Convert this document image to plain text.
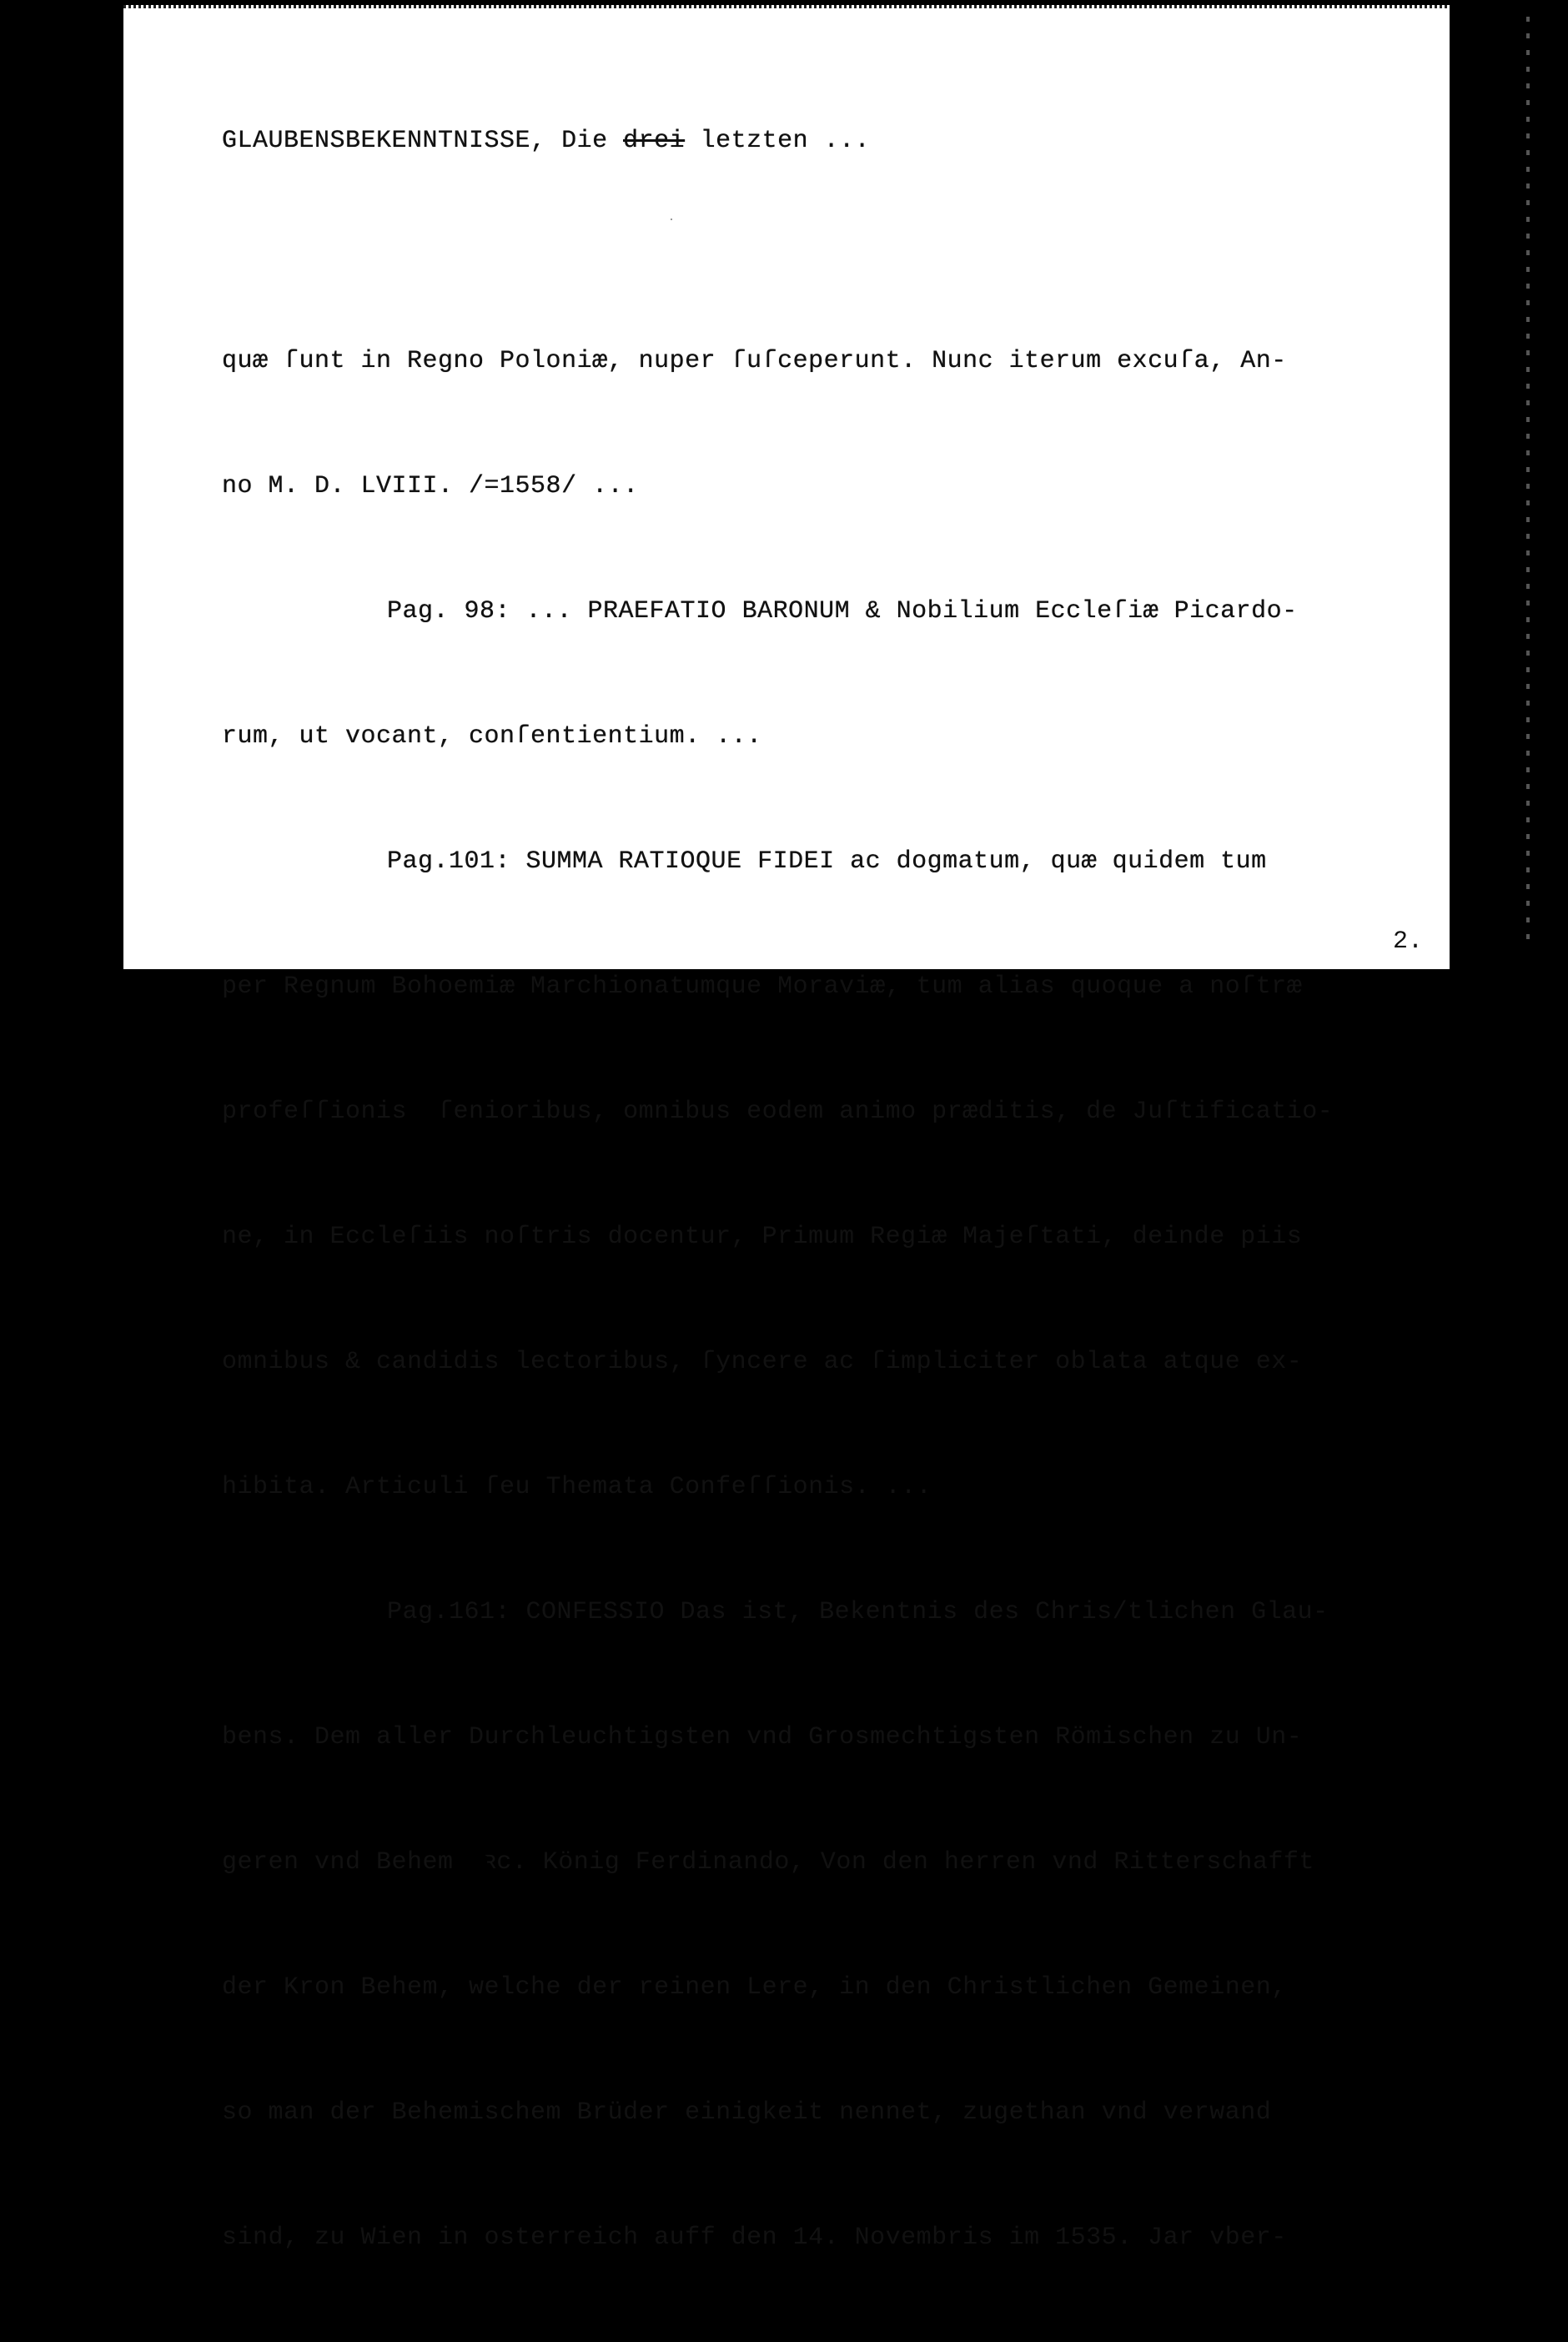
GLAUBENSBEKENNTNISSE, Die drei letzten ...

quæ ſunt in Regno Poloniæ, nuper ſuſceperunt. Nunc iterum excuſa, An-

no M. D. LVIII. /=1558/ ...

Pag. 98: ... PRAEFATIO BARONUM & Nobilium Eccleſiæ Picardo-

rum, ut vocant, conſentientium. ...

Pag.101: SUMMA RATIOQUE FIDEI ac dogmatum, quæ quidem tum

per Regnum Bohoemiæ Marchionatumque Moraviæ, tum alias quoque a noſtræ

profeſſionis  ſenioribus, omnibus eodem animo præditis, de Juſtificatio-

ne, in Eccleſiis noſtris docentur, Primum Regiæ Majeſtati, deinde piis

omnibus & candidis lectoribus, ſyncere ac ſimpliciter oblata atque ex-

hibita. Articuli ſeu Themata Confeſſionis. ...

Pag.161: CONFESSIO Das ist, Bekentnis des Chris/tlichen Glau-

bens. Dem aller Durchleuchtigsten vnd Grosmechtigsten Römischen zu Un-

geren vnd Behem  ꝛc. König Ferdinando, Von den herren vnd Ritterschafft

der Kron Behem, welche der reinen Lere, in den Christlichen Gemeinen,

so man der Behemischem Brüder einigkeit nennet, zugethan vnd verwand

sind, zu Wien in osterreich auff den 14. Novembris im 1535. Jar vber-

2.
